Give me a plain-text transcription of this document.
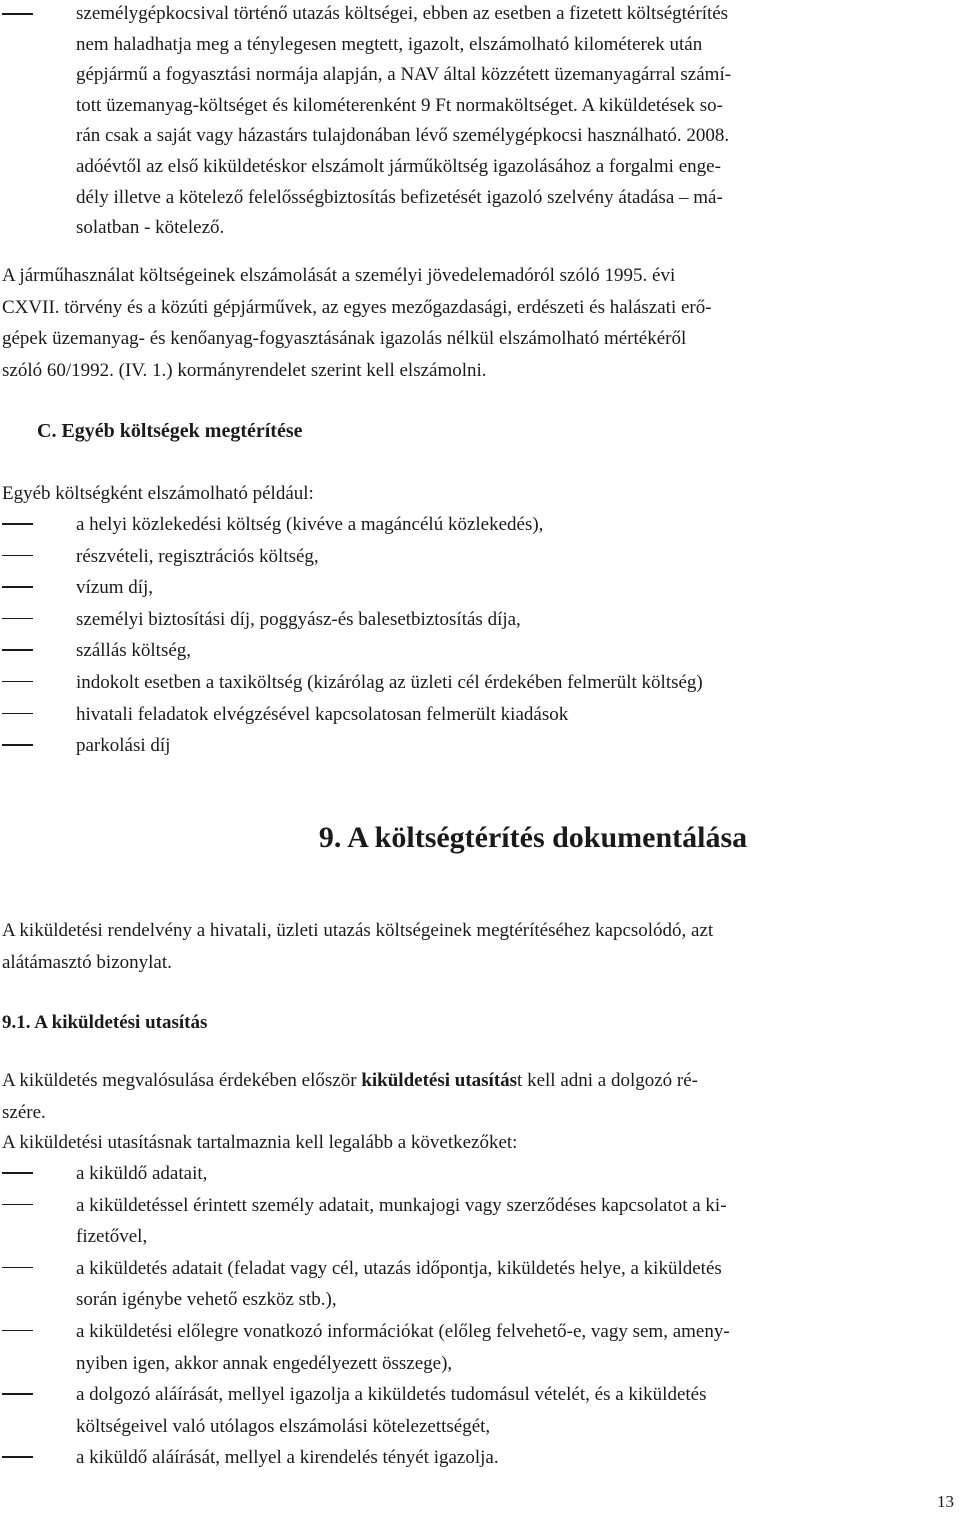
személygépkocsival történő utazás költségei, ebben az esetben a fizetett költségtérítés
nem haladhatja meg a ténylegesen megtett, igazolt, elszámolható kilométerek után
gépjármű a fogyasztási normája alapján, a NAV által közzétett üzemanyagárral számí-
tott üzemanyag-költséget és kilométerenként 9 Ft normaköltséget. A kiküldetések so-
rán csak a saját vagy házastárs tulajdonában lévő személygépkocsi használható. 2008.
adóévtől az első kiküldetéskor elszámolt járműköltség igazolásához a forgalmi enge-
dély illetve a kötelező felelősségbiztosítás befizetését igazoló szelvény átadása – má-
solatban - kötelező.
A járműhasználat költségeinek elszámolását a személyi jövedelemadóról szóló 1995. évi
CXVII. törvény és a közúti gépjárművek, az egyes mezőgazdasági, erdészeti és halászati erő-
gépek üzemanyag- és kenőanyag-fogyasztásának igazolás nélkül elszámolható mértékéről
szóló 60/1992. (IV. 1.) kormányrendelet szerint kell elszámolni.
C. Egyéb költségek megtérítése
Egyéb költségként elszámolható például:
a helyi közlekedési költség (kivéve a magáncélú közlekedés),
részvételi, regisztrációs költség,
vízum díj,
személyi biztosítási díj, poggyász-és balesetbiztosítás díja,
szállás költség,
indokolt esetben a taxiköltség (kizárólag az üzleti cél érdekében felmerült költség)
hivatali feladatok elvégzésével kapcsolatosan felmerült kiadások
parkolási díj
9. A költségtérítés dokumentálása
A kiküldetési rendelvény a hivatali, üzleti utazás költségeinek megtérítéséhez kapcsolódó, azt
alátámasztó bizonylat.
9.1. A kiküldetési utasítás
A kiküldetés megvalósulása érdekében először kiküldetési utasítást kell adni a dolgozó ré-
szére.
A kiküldetési utasításnak tartalmaznia kell legalább a következőket:
a kiküldő adatait,
a kiküldetéssel érintett személy adatait, munkajogi vagy szerződéses kapcsolatot a ki-
fizetővel,
a kiküldetés adatait (feladat vagy cél, utazás időpontja, kiküldetés helye, a kiküldetés
során igénybe vehető eszköz stb.),
a kiküldetési előlegre vonatkozó információkat (előleg felvehető-e, vagy sem, ameny-
nyiben igen, akkor annak engedélyezett összege),
a dolgozó aláírását, mellyel igazolja a kiküldetés tudomásul vételét, és a kiküldetés
költségeivel való utólagos elszámolási kötelezettségét,
a kiküldő aláírását, mellyel a kirendelés tényét igazolja.
13
